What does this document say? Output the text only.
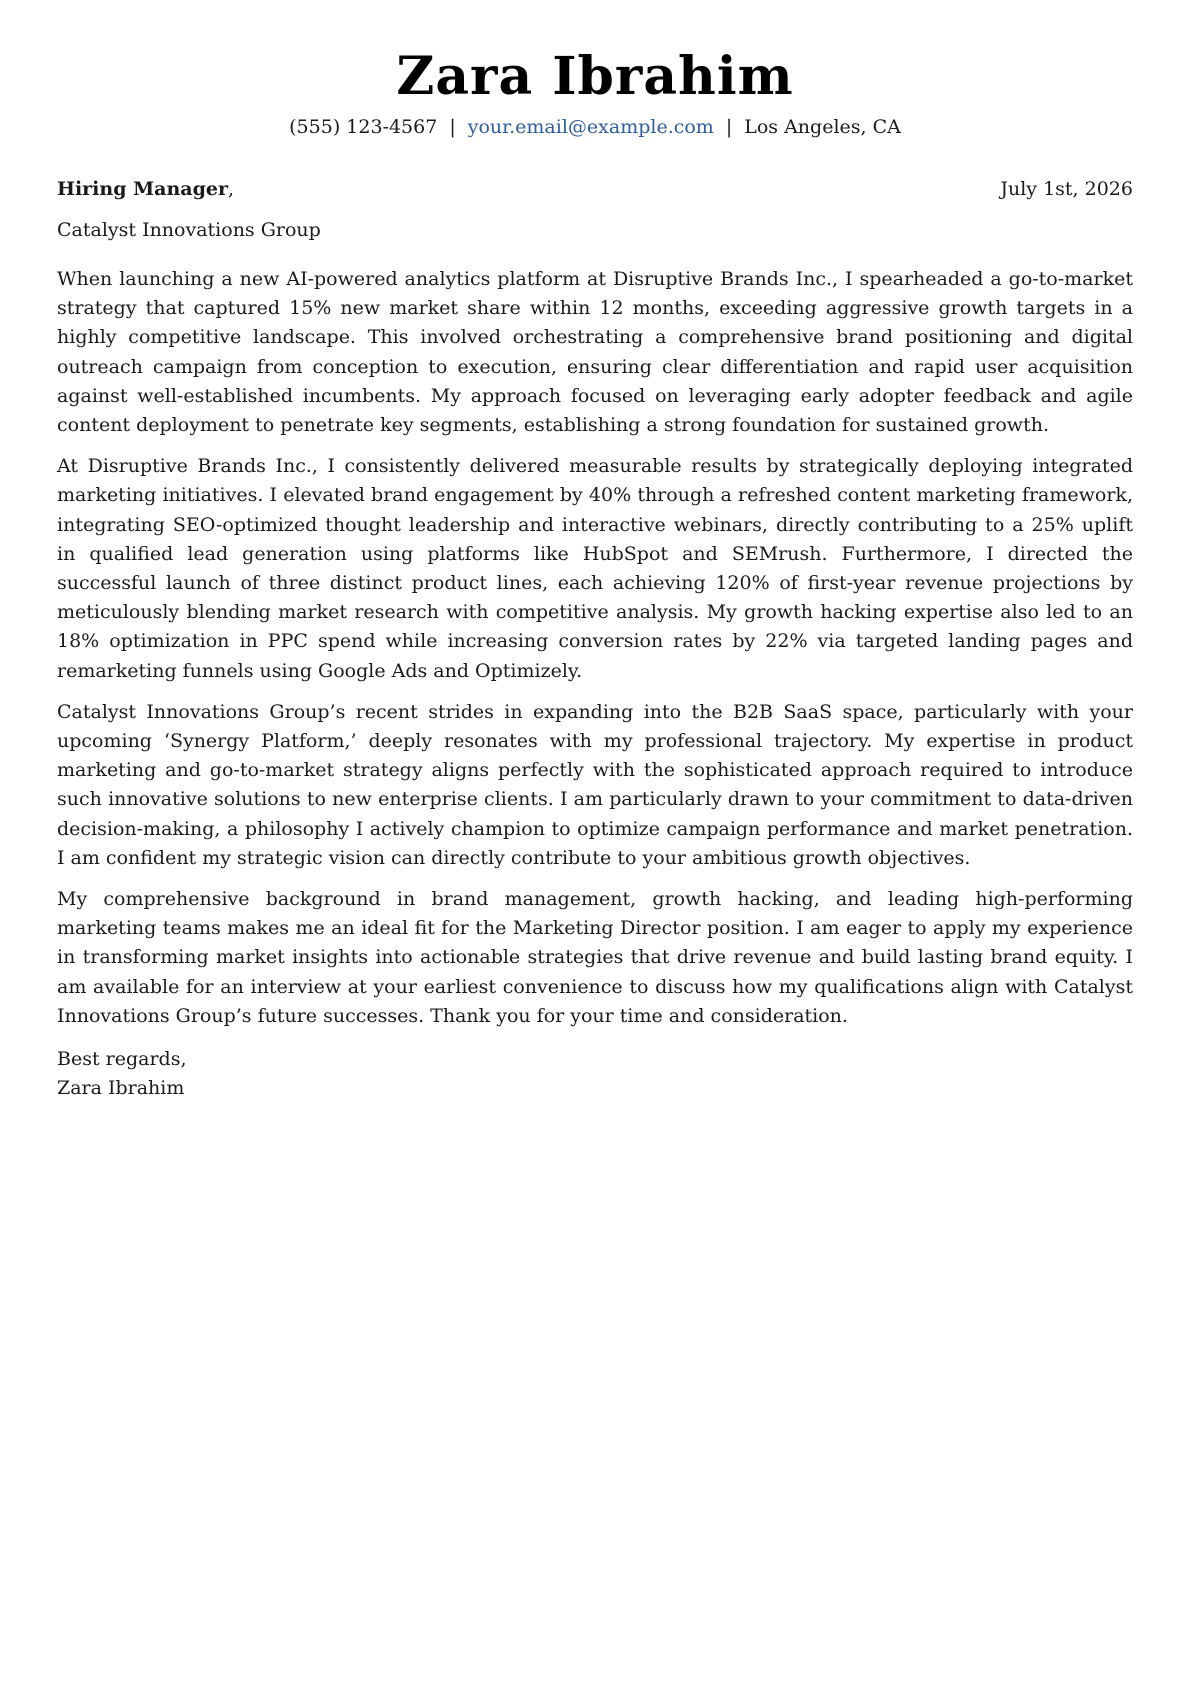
Zara Ibrahim
(555) 123-4567 | your.email@example.com | Los Angeles, CA
Hiring Manager,	July 1st, 2026
Catalyst Innovations Group

When launching a new AI-powered analytics platform at Disruptive Brands Inc., I spearheaded a go-to-market strategy that captured 15% new market share within 12 months, exceeding aggressive growth targets in a highly competitive landscape. This involved orchestrating a comprehensive brand positioning and digital outreach campaign from conception to execution, ensuring clear differentiation and rapid user acquisition against well-established incumbents. My approach focused on leveraging early adopter feedback and agile content deployment to penetrate key segments, establishing a strong foundation for sustained growth.

At Disruptive Brands Inc., I consistently delivered measurable results by strategically deploying integrated marketing initiatives. I elevated brand engagement by 40% through a refreshed content marketing framework, integrating SEO-optimized thought leadership and interactive webinars, directly contributing to a 25% uplift in qualified lead generation using platforms like HubSpot and SEMrush. Furthermore, I directed the successful launch of three distinct product lines, each achieving 120% of first-year revenue projections by meticulously blending market research with competitive analysis. My growth hacking expertise also led to an 18% optimization in PPC spend while increasing conversion rates by 22% via targeted landing pages and remarketing funnels using Google Ads and Optimizely.

Catalyst Innovations Group’s recent strides in expanding into the B2B SaaS space, particularly with your upcoming ‘Synergy Platform,’ deeply resonates with my professional trajectory. My expertise in product marketing and go-to-market strategy aligns perfectly with the sophisticated approach required to introduce such innovative solutions to new enterprise clients. I am particularly drawn to your commitment to data-driven decision-making, a philosophy I actively champion to optimize campaign performance and market penetration. I am confident my strategic vision can directly contribute to your ambitious growth objectives.

My comprehensive background in brand management, growth hacking, and leading high-performing marketing teams makes me an ideal fit for the Marketing Director position. I am eager to apply my experience in transforming market insights into actionable strategies that drive revenue and build lasting brand equity. I am available for an interview at your earliest convenience to discuss how my qualifications align with Catalyst Innovations Group’s future successes. Thank you for your time and consideration.

Best regards,
Zara Ibrahim
